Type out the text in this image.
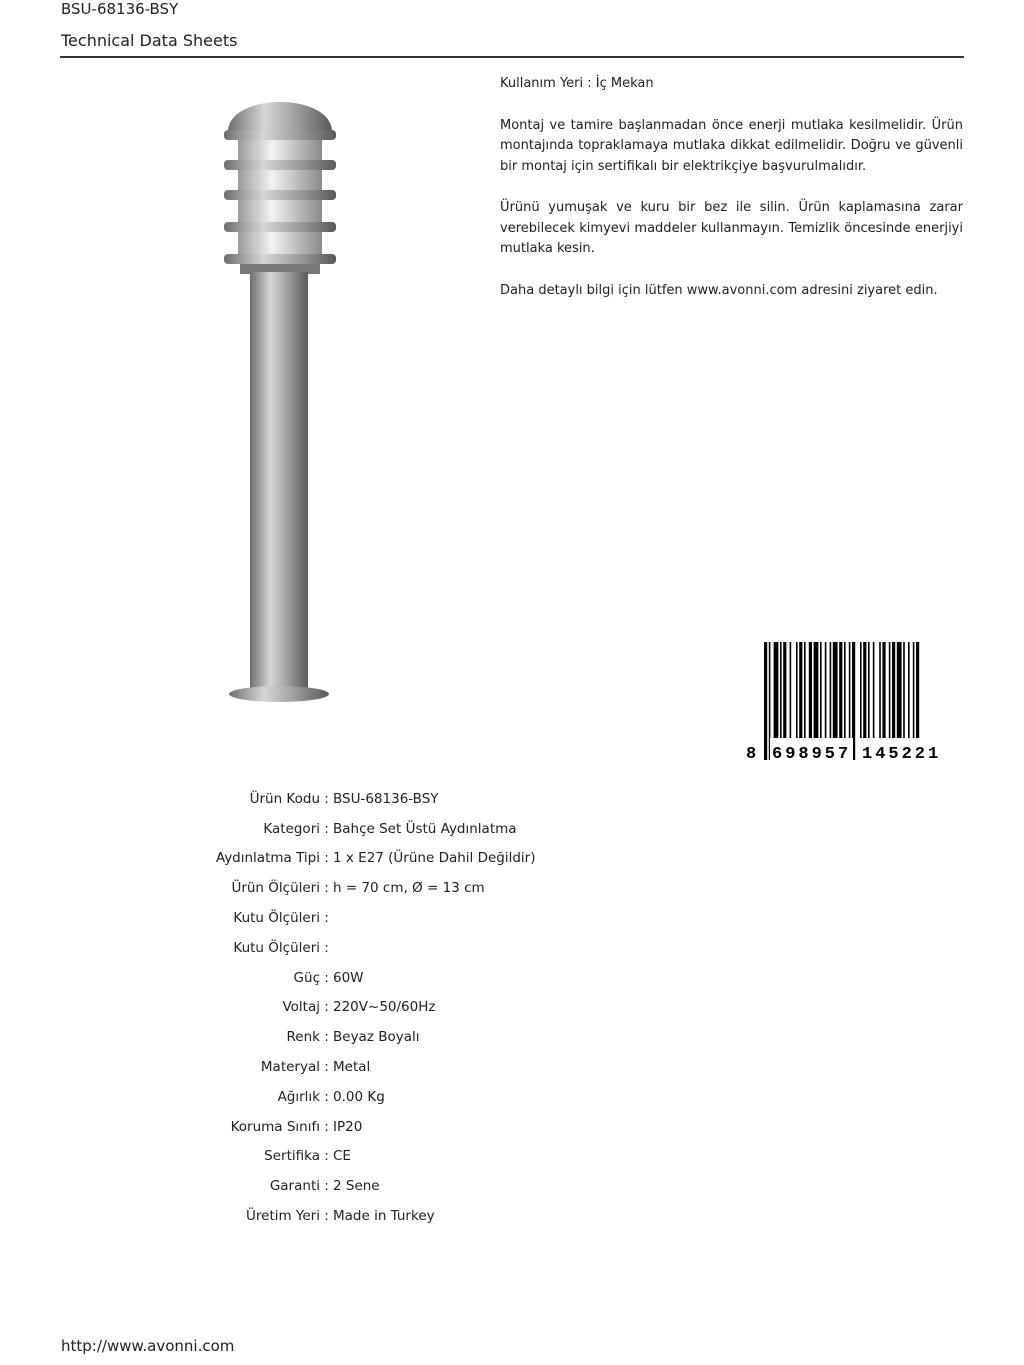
BSU-68136-BSY
Technical Data Sheets

Kullanım Yeri : İç Mekan

Montaj ve tamire başlanmadan önce enerji mutlaka kesilmelidir. Ürün montajında topraklamaya mutlaka dikkat edilmelidir. Doğru ve güvenli bir montaj için sertifikalı bir elektrikçiye başvurulmalıdır.

Ürünü yumuşak ve kuru bir bez ile silin. Ürün kaplamasına zarar verebilecek kimyevi maddeler kullanmayın. Temizlik öncesinde enerjiyi mutlaka kesin.

Daha detaylı bilgi için lütfen www.avonni.com adresini ziyaret edin.

8 698957 145221
Ürün Kodu : BSU-68136-BSY
Kategori : Bahçe Set Üstü Aydınlatma
Aydınlatma Tipi : 1 x E27 (Ürüne Dahil Değildir)
Ürün Ölçüleri : h = 70 cm, Ø = 13 cm
Kutu Ölçüleri :
Kutu Ölçüleri :
Güç : 60W
Voltaj : 220V~50/60Hz
Renk : Beyaz Boyalı
Materyal : Metal
Ağırlık : 0.00 Kg
Koruma Sınıfı : IP20
Sertifika : CE
Garanti : 2 Sene
Üretim Yeri : Made in Turkey
http://www.avonni.com
